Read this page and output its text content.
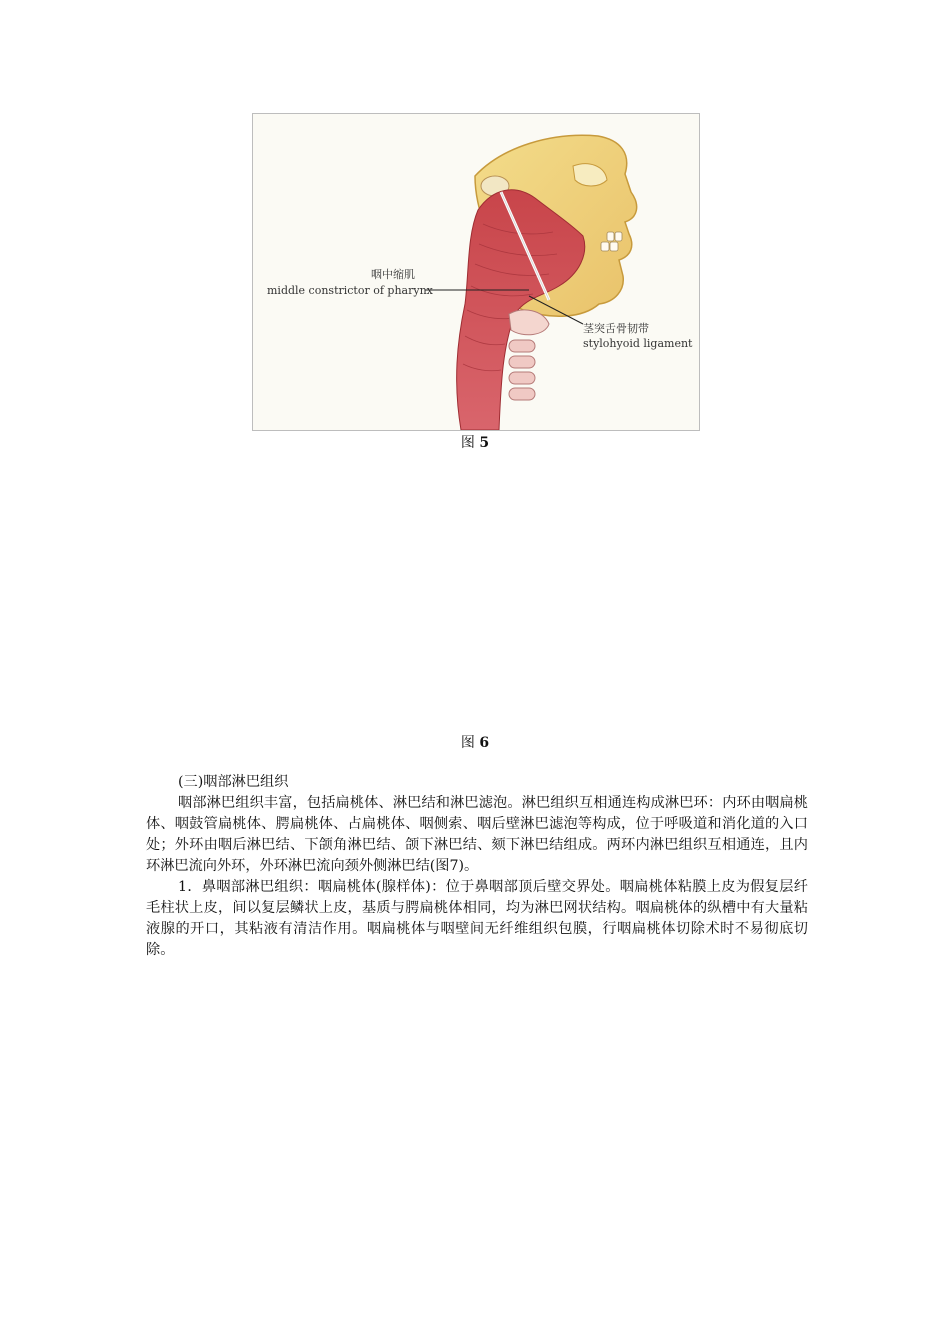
咽中缩肌
middle constrictor of pharynx
茎突舌骨韧带
stylohyoid ligament
图 5
图 6

(三)咽部淋巴组织

咽部淋巴组织丰富，包括扁桃体、淋巴结和淋巴滤泡。淋巴组织互相通连构成淋巴环：内环由咽扁桃体、咽鼓管扁桃体、腭扁桃体、占扁桃体、咽侧索、咽后壁淋巴滤泡等构成，位于呼吸道和消化道的入口处；外环由咽后淋巴结、下颌角淋巴结、颌下淋巴结、颏下淋巴结组成。两环内淋巴组织互相通连，且内环淋巴流向外环，外环淋巴流向颈外侧淋巴结(图7)。

1．鼻咽部淋巴组织：咽扁桃体(腺样体)：位于鼻咽部顶后壁交界处。咽扁桃体粘膜上皮为假复层纤毛柱状上皮，间以复层鳞状上皮，基质与腭扁桃体相同，均为淋巴网状结构。咽扁桃体的纵槽中有大量粘液腺的开口，其粘液有清洁作用。咽扁桃体与咽壁间无纤维组织包膜，行咽扁桃体切除术时不易彻底切除。
